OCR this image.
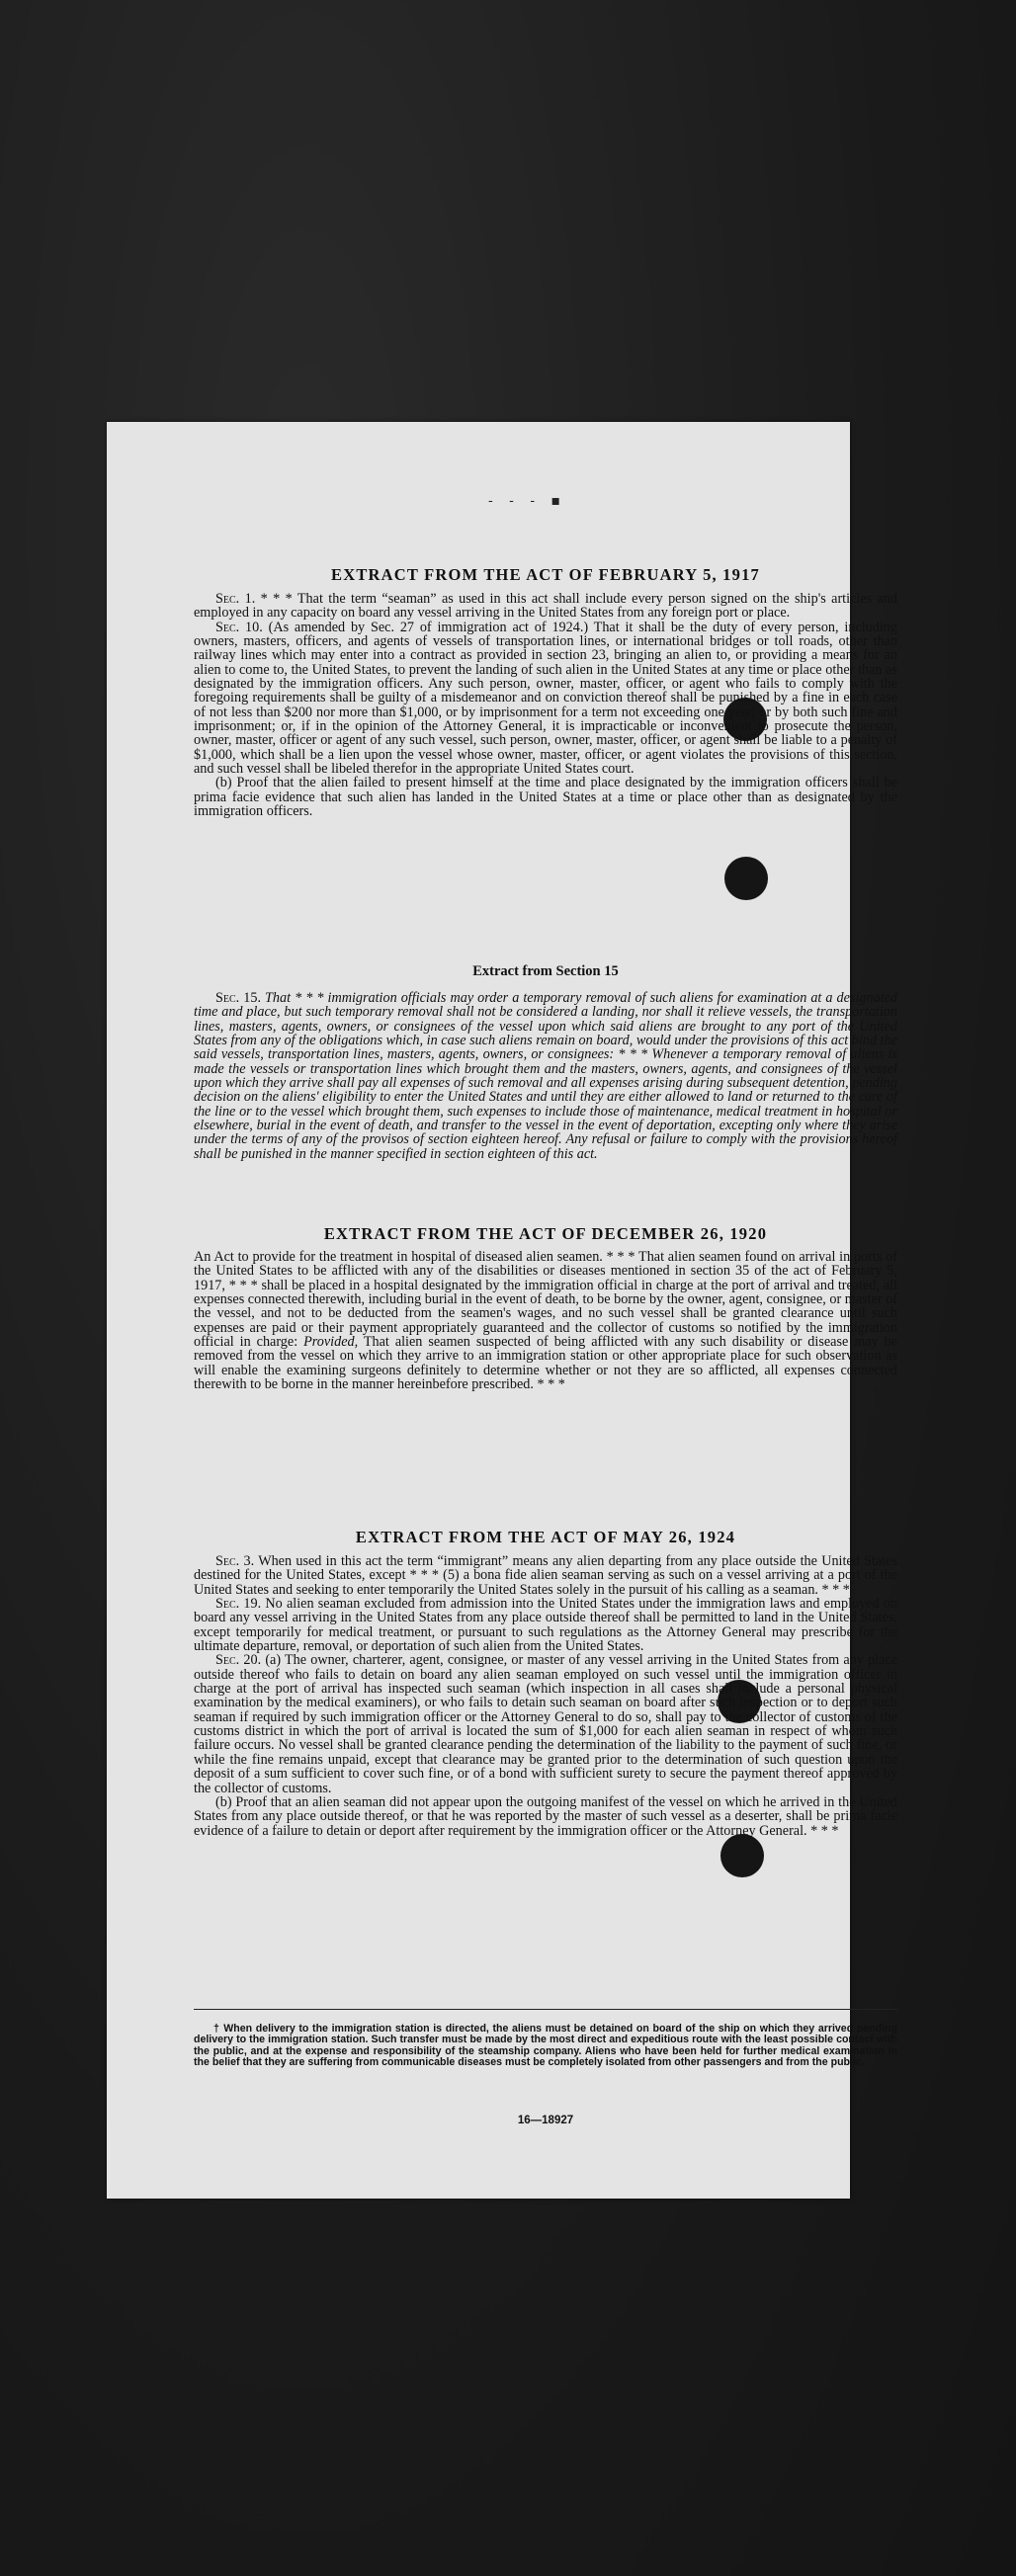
- - - ▪
EXTRACT FROM THE ACT OF FEBRUARY 5, 1917

Sec. 1. * * * That the term “seaman” as used in this act shall include every person signed on the ship's articles and employed in any capacity on board any vessel arriving in the United States from any foreign port or place.

Sec. 10. (As amended by Sec. 27 of immigration act of 1924.) That it shall be the duty of every person, including owners, masters, officers, and agents of vessels of transportation lines, or international bridges or toll roads, other than railway lines which may enter into a contract as provided in section 23, bringing an alien to, or providing a means for an alien to come to, the United States, to prevent the landing of such alien in the United States at any time or place other than as designated by the immigration officers. Any such person, owner, master, officer, or agent who fails to comply with the foregoing requirements shall be guilty of a misdemeanor and on conviction thereof shall be punished by a fine in each case of not less than $200 nor more than $1,000, or by imprisonment for a term not exceeding one year, or by both such fine and imprisonment; or, if in the opinion of the Attorney General, it is impracticable or inconvenient to prosecute the person, owner, master, officer or agent of any such vessel, such person, owner, master, officer, or agent shall be liable to a penalty of $1,000, which shall be a lien upon the vessel whose owner, master, officer, or agent violates the provisions of this section, and such vessel shall be libeled therefor in the appropriate United States court.

(b) Proof that the alien failed to present himself at the time and place designated by the immigration officers shall be prima facie evidence that such alien has landed in the United States at a time or place other than as designated by the immigration officers.

Extract from Section 15

Sec. 15. That * * * immigration officials may order a temporary removal of such aliens for examination at a designated time and place, but such temporary removal shall not be considered a landing, nor shall it relieve vessels, the transportation lines, masters, agents, owners, or consignees of the vessel upon which said aliens are brought to any port of the United States from any of the obligations which, in case such aliens remain on board, would under the provisions of this act bind the said vessels, transportation lines, masters, agents, owners, or consignees: * * * Whenever a temporary removal of aliens is made the vessels or transportation lines which brought them and the masters, owners, agents, and consignees of the vessel upon which they arrive shall pay all expenses of such removal and all expenses arising during subsequent detention, pending decision on the aliens' eligibility to enter the United States and until they are either allowed to land or returned to the care of the line or to the vessel which brought them, such expenses to include those of maintenance, medical treatment in hospital or elsewhere, burial in the event of death, and transfer to the vessel in the event of deportation, excepting only where they arise under the terms of any of the provisos of section eighteen hereof. Any refusal or failure to comply with the provisions hereof shall be punished in the manner specified in section eighteen of this act.

EXTRACT FROM THE ACT OF DECEMBER 26, 1920

An Act to provide for the treatment in hospital of diseased alien seamen. * * * That alien seamen found on arrival in ports of the United States to be afflicted with any of the disabilities or diseases mentioned in section 35 of the act of February 5, 1917, * * * shall be placed in a hospital designated by the immigration official in charge at the port of arrival and treated, all expenses connected therewith, including burial in the event of death, to be borne by the owner, agent, consignee, or master of the vessel, and not to be deducted from the seamen's wages, and no such vessel shall be granted clearance until such expenses are paid or their payment appropriately guaranteed and the collector of customs so notified by the immigration official in charge: Provided, That alien seamen suspected of being afflicted with any such disability or disease may be removed from the vessel on which they arrive to an immigration station or other appropriate place for such observation as will enable the examining surgeons definitely to determine whether or not they are so afflicted, all expenses connected therewith to be borne in the manner hereinbefore prescribed. * * *

EXTRACT FROM THE ACT OF MAY 26, 1924

Sec. 3. When used in this act the term “immigrant” means any alien departing from any place outside the United States destined for the United States, except * * * (5) a bona fide alien seaman serving as such on a vessel arriving at a port of the United States and seeking to enter temporarily the United States solely in the pursuit of his calling as a seaman. * * *

Sec. 19. No alien seaman excluded from admission into the United States under the immigration laws and employed on board any vessel arriving in the United States from any place outside thereof shall be permitted to land in the United States, except temporarily for medical treatment, or pursuant to such regulations as the Attorney General may prescribe for the ultimate departure, removal, or deportation of such alien from the United States.

Sec. 20. (a) The owner, charterer, agent, consignee, or master of any vessel arriving in the United States from any place outside thereof who fails to detain on board any alien seaman employed on such vessel until the immigration officer in charge at the port of arrival has inspected such seaman (which inspection in all cases shall include a personal physical examination by the medical examiners), or who fails to detain such seaman on board after such inspection or to deport such seaman if required by such immigration officer or the Attorney General to do so, shall pay to the collector of customs of the customs district in which the port of arrival is located the sum of $1,000 for each alien seaman in respect of whom such failure occurs. No vessel shall be granted clearance pending the determination of the liability to the payment of such fine, or while the fine remains unpaid, except that clearance may be granted prior to the determination of such question upon the deposit of a sum sufficient to cover such fine, or of a bond with sufficient surety to secure the payment thereof approved by the collector of customs.

(b) Proof that an alien seaman did not appear upon the outgoing manifest of the vessel on which he arrived in the United States from any place outside thereof, or that he was reported by the master of such vessel as a deserter, shall be prima facie evidence of a failure to detain or deport after requirement by the immigration officer or the Attorney General. * * *

† When delivery to the immigration station is directed, the aliens must be detained on board of the ship on which they arrived pending delivery to the immigration station. Such transfer must be made by the most direct and expeditious route with the least possible contact with the public, and at the expense and responsibility of the steamship company. Aliens who have been held for further medical examination in the belief that they are suffering from communicable diseases must be completely isolated from other passengers and from the public.

16—18927
